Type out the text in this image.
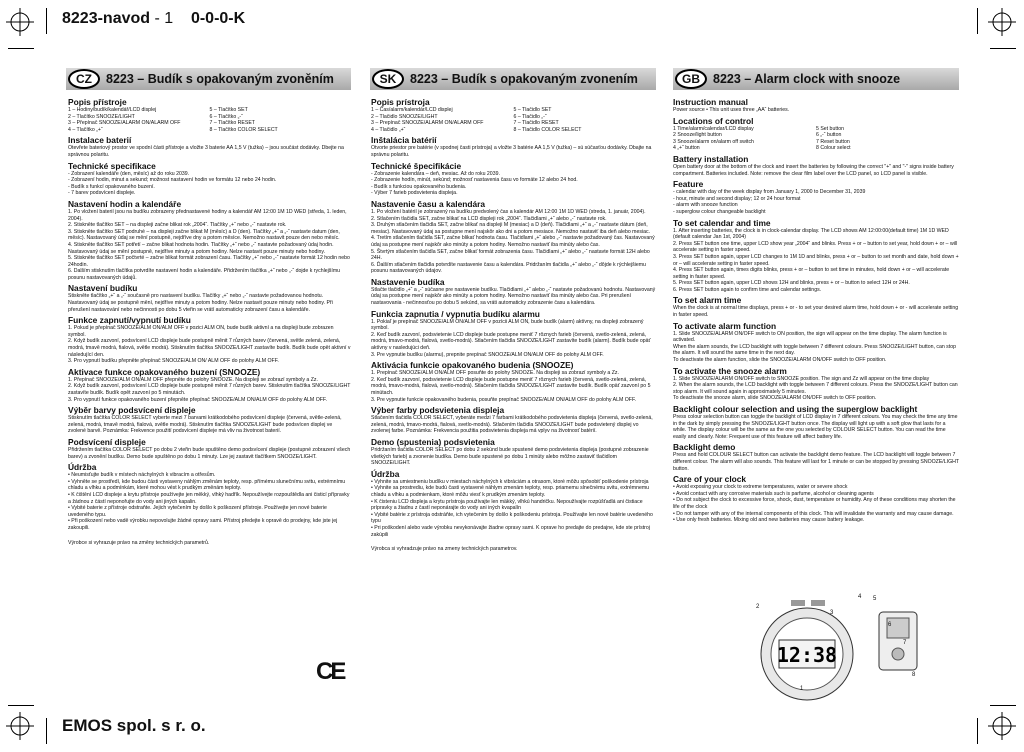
8223-navod - 1 0-0-0-K
CZ	8223 – Budík s opakovaným zvoněním	SK	8223 – Budík s opakovaným zvonením	GB	8223 – Alarm clock with snooze
Popis přístroje
1 – Hodiny/budík/kalendář/LCD displej	5 – Tlačítko SET
2 – Tlačítko SNOOZE/LIGHT	6 – Tlačítko „-“
3 – Přepínač SNOOZE/ALARM ON/ALARM OFF	7 – Tlačítko RESET
4 – Tlačítko „+“	8 – Tlačítko COLOR SELECT
Instalace baterií

Otevřete bateriový prostor ve spodní části přístroje a vložte 3 baterie AA 1,5 V (tužka) – jsou součást dodávky. Dbejte na správnou polaritu.

Technické specifikace
- Zobrazení kalendáře (den, měsíc) až do roku 2039.
- Zobrazení hodin, minut a sekund; možnost nastavení hodin ve formátu 12 nebo 24 hodin.
- Budík s funkcí opakovaného buzení.
- 7 barev podsvícení displeje.
Nastavení hodin a kalendáře
1. Po vložení baterií jsou na budíku zobrazeny přednastavené hodiny a kalendář AM 12:00 1M 1D WED (středa, 1. leden, 2004).
2. Stiskněte tlačítko SET – na displeji začne blikat rok „2004“. Tlačítky „+“ nebo „-“ nastavte rok.
3. Stiskněte tlačítko SET podruhé – na displeji začne blikat M (měsíc) a D (den). Tlačítky „+“ a „-“ nastavte datum (den, měsíc). Nastavovaný údaj se mění postupně, nejdříve dny a potom měsíce. Nemožno nastavit pouze den nebo měsíc.
4. Stiskněte tlačítko SET potřetí – začne blikat hodnota hodin. Tlačítky „+“ nebo „-“ nastavte požadovaný údaj hodin. Nastavovaný údaj se mění postupně, nejdříve minuty a potom hodiny. Nelze nastavit pouze minuty nebo hodiny.
5. Stiskněte tlačítko SET počtvrté – začne blikat formát zobrazení času. Tlačítky „+“ nebo „-“ nastavte formát 12 hodin nebo 24hodin.
6. Dalším stisknutím tlačítka potvrdíte nastavení hodin a kalendáře. Přidržením tlačítka „+“ nebo „-“ dojde k rychlejšímu posunu nastavovaných údajů.
Nastavení budíku

Stiskněte tlačítko „+“ a „-“ současně pro nastavení budíku. Tlačítky „+“ nebo „-“ nastavte požadovanou hodnotu. Nastavovaný údaj se postupně mění, nejdříve minuty a potom hodiny. Nelze nastavit pouze minuty nebo hodiny. Při přerušení nastavování nebo nečinnosti po dobu 5 vteřin se vrátí automaticky zobrazení času a kalendáře.

Funkce zapnutí/vypnutí budíku
1. Pokud je přepínač SNOOZE/ALM ON/ALM OFF v pozici ALM ON, bude budík aktivní a na displeji bude zobrazen symbol.
2. Když budík zazvoní, podsvícení LCD displeje bude postupně měnit 7 různých barev (červená, světle zelená, zelená, modrá, tmavě modrá, fialová, světle modrá). Stisknutím tlačítka SNOOZE/LIGHT zastavíte budík. Budík bude opět aktivní v následující den.
3. Pro vypnutí budíku přepněte přepínač SNOOZE/ALM ON/ ALM OFF do polohy ALM OFF.
Aktivace funkce opakovaného buzení (SNOOZE)
1. Přepínač SNOOZE/ALM ON/ALM OFF přepněte do polohy SNOOZE. Na displeji se zobrazí symboly a Zz.
2. Když budík zazvoní, podsvícení LCD displeje bude postupně měnit 7 různých barev. Stisknutím tlačítka SNOOZE/LIGHT zastavíte budík. Budík opět zazvoní po 5 minutách.
3. Pro vypnutí funkce opakovaného buzení přepněte přepínač SNOOZE/ALM ON/ALM OFF do polohy ALM OFF.
Výběr barvy podsvícení displeje

Stisknutím tlačítka COLOR SELECT vyberte mezi 7 barvami krátkodobého podsvícení displeje (červená, světle-zelená, zelená, modrá, tmavě modrá, fialová, světle modrá). Stisknutím tlačítka SNOOZE/LIGHT bude podsvícen displej ve zvolené barvě. Poznámka: Frekvence použití podsvícení displeje má vliv na životnost baterií.

Podsvícení displeje

Přidržením tlačítka COLOR SELECT po dobu 2 vteřin bude spuštěno demo podsvícení displeje (postupné zobrazení všech barev) a zvonění budíku. Demo bude spuštěno po dobu 1 minuty. Lze jej zastavit tlačítkem SNOOZE/LIGHT.

Údržba
• Neumisťujte budík v místech náchylných k vibracím a otřesům.
• Vyhněte se prostředí, kde budou části vystaveny náhlým změnám teploty, resp. přímému slunečnímu svitu, extrémnímu chladu a vlhku a podmínkám, které mohou vést k prudkým změnám teploty.
• K čištění LCD displeje a krytu přístroje používejte jen měkký, vlhký hadřík. Nepoužívejte rozpouštědla ani čisticí přípravky a žádnou z částí neponořujte do vody ani jiných kapalin.
• Vybité baterie z přístroje odstraňte. Jejich vytečením by došlo k poškození přístroje. Používejte jen nové baterie uvedeného typu.
• Při poškození nebo vadě výrobku nepovolujte žádné opravy sami. Přístroj předejte k opravě do prodejny, kde jste jej zakoupili.

Výrobce si vyhrazuje právo na změny technických parametrů.

Popis prístroja
1 – Čas/alarm/kalendár/LCD displej	5 – Tlačidlo SET
2 – Tlačidlo SNOOZE/LIGHT	6 – Tlačidlo „-“
3 – Prepínač SNOOZE/ALARM ON/ALARM OFF	7 – Tlačidlo RESET
4 – Tlačidlo „+“	8 – Tlačidlo COLOR SELECT
Inštalácia batérií

Otvorte priestor pre batérie (v spodnej časti prístroja) a vložte 3 batérie AA 1,5 V (tužka) – sú súčasťou dodávky. Dbajte na správnu polaritu.

Technické špecifikácie
- Zobrazenie kalendára – deň, mesiac. Až do roku 2039.
- Zobrazenie hodín, minút, sekúnd; možnosť nastavenia času vo formáte 12 alebo 24 hod.
- Budík s funkciou opakovaného budenia.
- Výber 7 farieb podsvietenia displeja.
Nastavenie času a kalendára
1. Po vložení batérií je zobrazený na budíku predvolený čas a kalendár AM 12:00 1M 1D WED (streda, 1. január, 2004).
2. Stlačením tlačidla SET, začne blikať na LCD displeji rok „2004“. Tlačidlami „+“ alebo „-“ nastavte rok.
3. Druhým stlačením tlačidla SET, začne blikať na displeji M (mesiac) a D (deň). Tlačidlami „+“ a „-“ nastavte dátum (deň, mesiac). Nastavovaný údaj sa postupne mení najskôr ako dni a potom mesiace. Nemožno nastaviť iba deň alebo mesiac.
4. Tretím stlačením tlačidla SET, začne blikať hodnota času. Tlačidlami „+“ alebo „-“ nastavte požadovaný čas. Nastavovaný údaj sa postupne mení najskôr ako minúty a potom hodiny. Nemožno nastaviť iba minúty alebo čas.
5. Štvrtým stlačením tlačidla SET, začne blikať formát zobrazenia času. Tlačidlami „+“ alebo „-“ nastavte formát 12H alebo 24H.
6. Ďalším stlačením tlačidla potvrdíte nastavenie času a kalendára. Pridržaním tlačidla „+“ alebo „-“ dôjde k rýchlejšiemu posunu nastavovaných údajov.
Nastavenie budíka

Stlačte tlačidlo „+“ a „-“ súčasne pre nastavenie budíku. Tlačidlami „+“ alebo „-“ nastavte požadovanú hodnotu. Nastavovaný údaj sa postupne mení najskôr ako minúty a potom hodiny. Nemožno nastaviť iba minúty alebo čas. Pri prerušení nastavovania - nečinnosťou po dobu 5 sekúnd, sa vráti automaticky zobrazenie času a kalendára.

Funkcia zapnutia / vypnutia budíku alarmu
1. Pokiaľ je prepínač SNOOZE/ALM ON/ALM OFF v pozícii ALM ON, bude budík (alarm) aktívny, na displeji zobrazený symbol.
2. Keď budík zazvoní, podsvietenie LCD displeje bude postupne meniť 7 rôznych farieb (červená, svetlo-zelená, zelená, modrá, tmavo-modrá, fialová, svetlo-modrá). Stlačením tlačidla SNOOZE/LIGHT zastavíte budík (alarm). Budík bude opäť aktívny v nasledujúci deň.
3. Pre vypnutie budíku (alarmu), prepnite prepínač SNOOZE/ALM ON/ALM OFF do polohy ALM OFF.
Aktivácia funkcie opakovaného budenia (SNOOZE)
1. Prepínač SNOOZE/ALM ON/ALM OFF posuňte do polohy SNOOZE. Na displeji sa zobrazí symboly a Zz.
2. Keď budík zazvoní, podsvietenie LCD displeje bude postupne meniť 7 rôznych farieb (červená, svetlo-zelená, zelená, modrá, tmavo-modrá, fialová, svetlo-modrá). Stlačením tlačidla SNOOZE/LIGHT zastavíte budík. Budík opäť zazvoní po 5 minútach.
3. Pre vypnutie funkcie opakovaného budenia, posuňte prepínač SNOOZE/ALM ON/ALM OFF do polohy ALM OFF.
Výber farby podsvietenia displeja

Stlačením tlačidla COLOR SELECT, vyberáte medzi 7 farbami krátkodobého podsvietenia displeja (červená, svetlo-zelená, zelená, modrá, tmavo-modrá, fialová, svetlo-modrá). Stlačením tlačidla SNOOZE/LIGHT bude podsvietený displej vo zvolenej farbe. Poznámka: Frekvencia použitia podsvietenia displeja má vplyv na životnosť batérií.

Demo (spustenia) podsvietenia

Pridržaním tlačidla COLOR SELECT po dobu 2 sekúnd bude spustené demo podsvietenia displeja (postupné zobrazenie všetkých farieb) a zvonenie budíka. Demo bude spustené po dobu 1 minúty alebo môžno zastaviť tlačidlom SNOOZE/LIGHT.

Údržba
• Vyhnite sa umiestneniu budíku v miestach náchylných k vibráciám a otrasom, ktoré môžu spôsobiť poškodenie prístroja
• Vyhnite sa prostrediu, kde budú časti vystavené náhlym zmenám teploty, resp. priamemu slnečnému svitu, extrémnemu chladu a vlhku a podmienkam, ktoré môžu viesť k prudkým zmenám teploty.
• K čisteniu LCD displeja a krytu prístroja používajte len mäkký, vlhkú handričku. Nepoužívajte rozpúšťadlá ani čistiace prípravky a žiadnu z častí neponárajte do vody ani iných kvapalín
• Vybité batérie z prístroja odstráňte, ich vytečenim by došlo k poškodeniu prístroja. Používajte len nové batérie uvedeného typu
• Pri poškodení alebo vade výrobku nevykonávajte žiadne opravy sami. K oprave ho predajte do predajne, kde ste prístroj zakúpili

Výrobca si vyhradzuje právo na zmeny technických parametrov.

Instruction manual

Power source • This unit uses three „AA“ batteries.

Locations of control
1 Time/alarm/calendar/LCD display	5 Set button
2 Snooze/light button	6 „-“ button
3 Snooze/alarm on/alarm off switch	7 Reset button
4 „+“ button	8 Colour select
Battery installation

Open battery door at the bottom of the clock and insert the batteries by following the correct "+" and "-" signs inside battery compartment. Batteries included. Note: remove the clear film label over the LCD panel, so LCD panel is visible.

Feature
- calendar with day of the week display from January 1, 2000 to December 31, 2039
- hour, minute and second display; 12 or 24 hour format
- alarm with snooze function
- superglow colour changeable backlight
To set calendar and time
1. After inserting batteries, the clock is in clock-calendar display. The LCD shows AM 12:00:00(default time) 1M 1D WED (default calendar Jan 1st, 2004)
2. Press SET button one time, upper LCD show year „2004“ and blinks. Press + or – button to set year, hold down + or – will accelerate setting in faster speed.
3. Press SET button again, upper LCD changes to 1M 1D and blinks, press + or – button to set month and date, hold down + or – will accelerate setting in faster speed.
4. Press SET button again, times digits blinks, press + or – button to set time in minutes, hold down + or – will accelerate setting in faster speed.
5. Press SET button again, upper LCD shows 12H and blinks, press + or – button to select 12H or 24H.
6. Press SET button again to confirm time and calendar settings.
To set alarm time

When the clock is at normal time displays, press + or - to set your desired alarm time, hold down + or - will accelerate setting in faster speed.

To activate alarm function
1. Slide SNOOZE/ALARM ON/OFF switch to ON position, the sign will appear on the time display. The alarm function is activated.
When the alarm sounds, the LCD backlight with toggle between 7 different colours. Press SNOOZE/LIGHT button, can stop the alarm. It will sound the same time in the next day.
To deactivate the alarm function, slide the SNOOZE/ALARM ON/OFF switch to OFF position.
To activate the snooze alarm
1. Slide SNOOZE/ALARM ON/OFF switch to SNOOZE position. The sign and Zz will appear on the time display
2. When the alarm sounds, the LCD backlight with toggle between 7 different colours. Press the SNOOZE/LIGHT button can stop alarm. It will sound again in approximately 5 minutes.
To deactivate the snooze alarm, slide SNOOZE/ALARM ON/OFF switch to OFF position.
Backlight colour selection and using the superglow backlight

Press colour selection button can toggle the backlight of LCD display in 7 different colours. You may check the time any time in the dark by simply pressing the SNOOZE/LIGHT button once. The display will light up with a soft glow that lasts for a while. The display colour will be the same as the one you selected by COLOUR SELECT button. You can read the time easily and clearly. Note: Frequent use of this feature will affect battery life.

Backlight demo

Press and hold COLOUR SELECT button can activate the backlight demo feature. The LCD backlight will toggle between 7 different colour. The alarm will also sounds. This feature will last for 1 minute or can be stopped by pressing SNOOZE/LIGHT button.

Care of your clock
• Avoid exposing your clock to extreme temperatures, water or severe shock
• Avoid contact with any corrosive materials such is parfume, alcohol or cleaning agents
• Do not subject the clock to excessive force, shock, dust, temperature or humidity. Any of these conditions may shorten the life of the clock
• Do not tamper with any of the internal components of this clock. This will invalidate the warranty and may cause damage.
• Use only fresh batteries. Mixing old and new batteries may cause battery leakage.
CE
12:38
2
4 5
3
1
6
7
8
EMOS spol. s r. o.
